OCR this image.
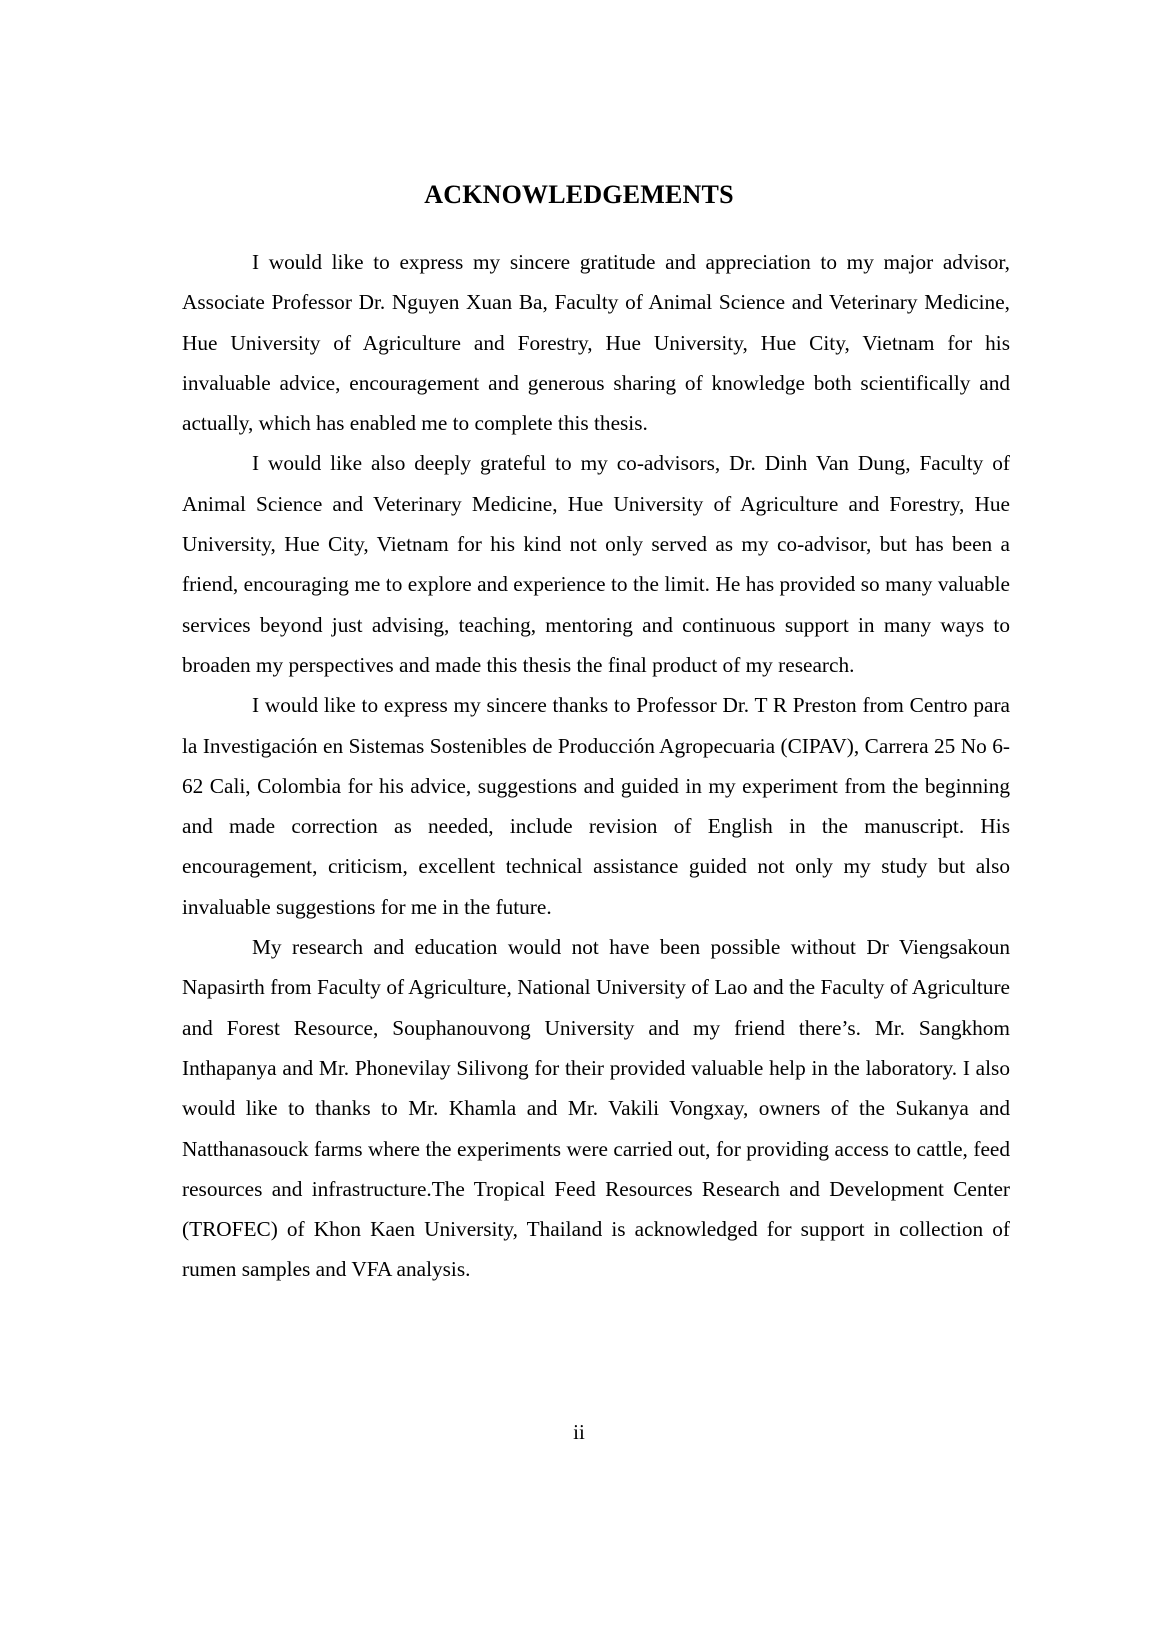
ACKNOWLEDGEMENTS

I would like to express my sincere gratitude and appreciation to my major advisor, Associate Professor Dr. Nguyen Xuan Ba, Faculty of Animal Science and Veterinary Medicine, Hue University of Agriculture and Forestry, Hue University, Hue City, Vietnam for his invaluable advice, encouragement and generous sharing of knowledge both scientifically and actually, which has enabled me to complete this thesis.

I would like also deeply grateful to my co-advisors, Dr. Dinh Van Dung, Faculty of Animal Science and Veterinary Medicine, Hue University of Agriculture and Forestry, Hue University, Hue City, Vietnam for his kind not only served as my co-advisor, but has been a friend, encouraging me to explore and experience to the limit. He has provided so many valuable services beyond just advising, teaching, mentoring and continuous support in many ways to broaden my perspectives and made this thesis the final product of my research.

I would like to express my sincere thanks to Professor Dr. T R Preston from Centro para la Investigación en Sistemas Sostenibles de Producción Agropecuaria (CIPAV), Carrera 25 No 6-62 Cali, Colombia for his advice, suggestions and guided in my experiment from the beginning and made correction as needed, include revision of English in the manuscript. His encouragement, criticism, excellent technical assistance guided not only my study but also invaluable suggestions for me in the future.

My research and education would not have been possible without Dr Viengsakoun Napasirth from Faculty of Agriculture, National University of Lao and the Faculty of Agriculture and Forest Resource, Souphanouvong University and my friend there’s. Mr. Sangkhom Inthapanya and Mr. Phonevilay Silivong for their provided valuable help in the laboratory. I also would like to thanks to Mr. Khamla and Mr. Vakili Vongxay, owners of the Sukanya and Natthanasouck farms where the experiments were carried out, for providing access to cattle, feed resources and infrastructure.The Tropical Feed Resources Research and Development Center (TROFEC) of Khon Kaen University, Thailand is acknowledged for support in collection of rumen samples and VFA analysis.

ii
